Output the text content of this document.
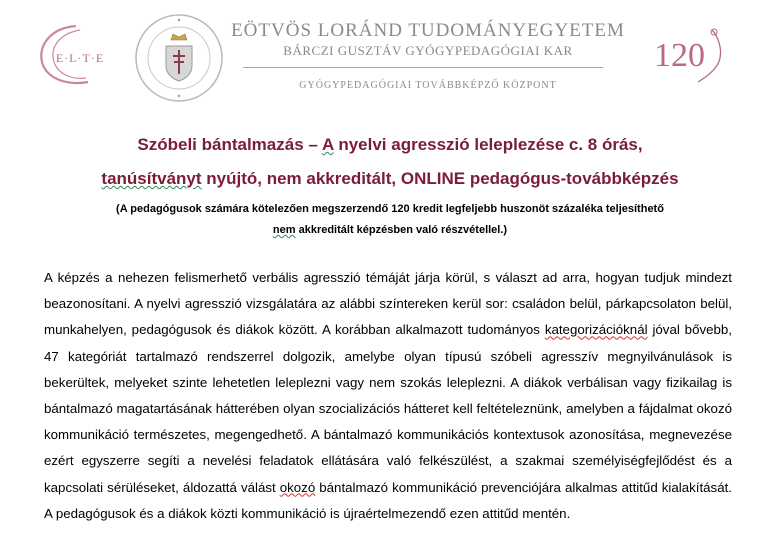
E·L·T·E
EÖTVÖS LORÁND TUDOMÁNYEGYETEM
BÁRCZI GUSZTÁV GYÓGYPEDAGÓGIAI KAR
GYÓGYPEDAGÓGIAI TOVÁBBKÉPZŐ KÖZPONT
120
Szóbeli bántalmazás – A nyelvi agresszió leleplezése c. 8 órás,
tanúsítványt nyújtó, nem akkreditált, ONLINE pedagógus-továbbképzés
(A pedagógusok számára kötelezően megszerzendő 120 kredit legfeljebb huszonöt százaléka teljesíthető
nem akkreditált képzésben való részvétellel.)

A képzés a nehezen felismerhető verbális agresszió témáját járja körül, s választ ad arra, hogyan tudjuk mindezt beazonosítani. A nyelvi agresszió vizsgálatára az alábbi színtereken kerül sor: családon belül, párkapcsolaton belül, munkahelyen, pedagógusok és diákok között. A korábban alkalmazott tudományos kategorizációknál jóval bővebb, 47 kategóriát tartalmazó rendszerrel dolgozik, amelybe olyan típusú szóbeli agresszív megnyilvánulások is bekerültek, melyeket szinte lehetetlen leleplezni vagy nem szokás leleplezni. A diákok verbálisan vagy fizikailag is bántalmazó magatartásának hátterében olyan szocializációs hátteret kell feltételeznünk, amelyben a fájdalmat okozó kommunikáció természetes, megengedhető. A bántalmazó kommunikációs kontextusok azonosítása, megnevezése ezért egyszerre segíti a nevelési feladatok ellátására való felkészülést, a szakmai személyiségfejlődést és a kapcsolati sérüléseket, áldozattá válást okozó bántalmazó kommunikáció prevenciójára alkalmas attitűd kialakítását. A pedagógusok és a diákok közti kommunikáció is újraértelmezendő ezen attitűd mentén.
